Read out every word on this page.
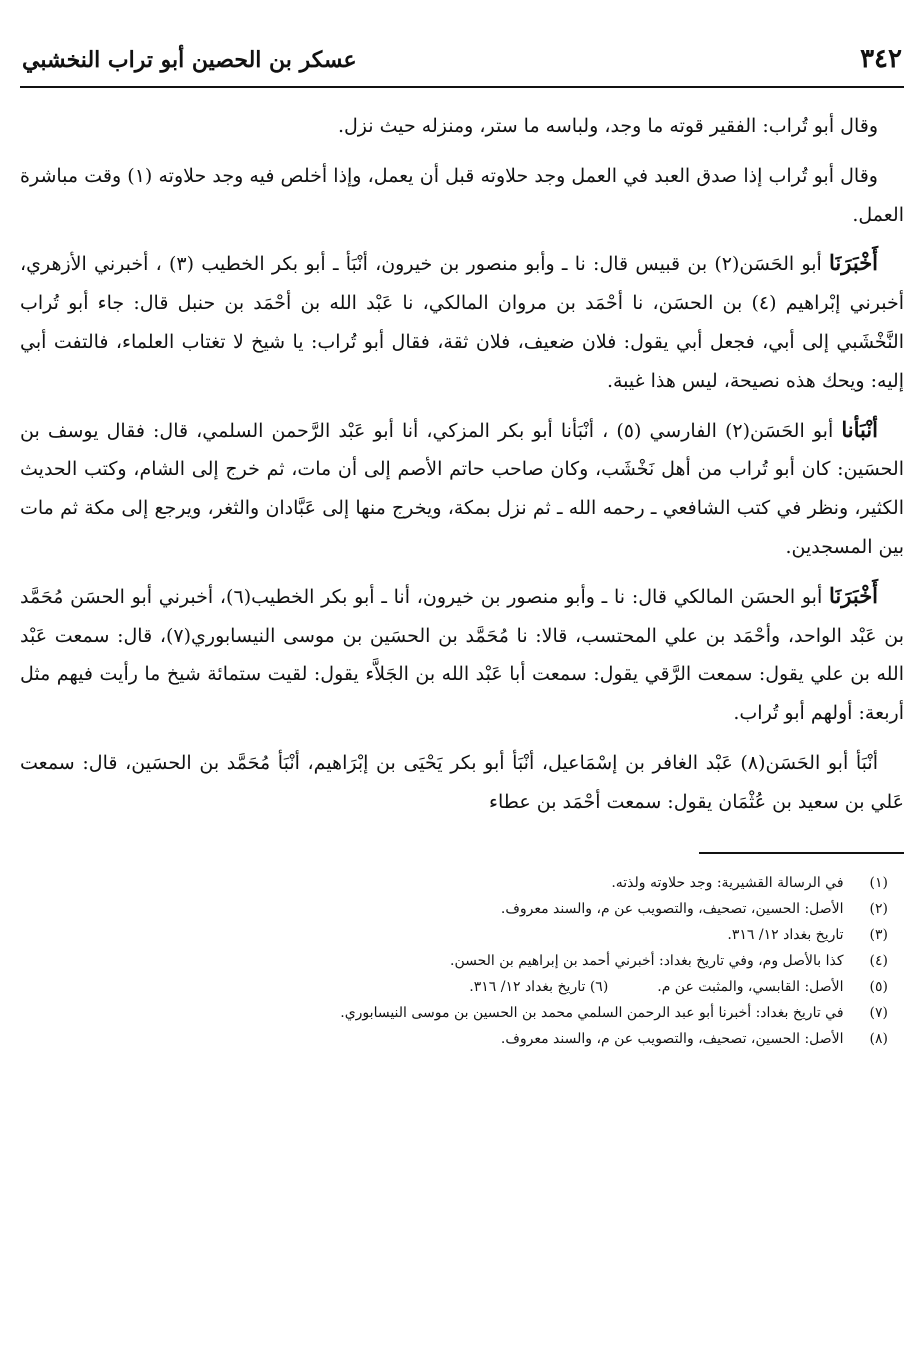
٣٤٢
عسكر بن الحصين أبو تراب النخشبي

وقال أبو تُراب: الفقير قوته ما وجد، ولباسه ما ستر، ومنزله حيث نزل.

وقال أبو تُراب إذا صدق العبد في العمل وجد حلاوته قبل أن يعمل، وإذا أخلص فيه وجد حلاوته (١) وقت مباشرة العمل.

أَخْبَرَنَا أبو الحَسَن(٢) بن قبيس قال: نا ـ وأبو منصور بن خيرون، أنْبَأ ـ أبو بكر الخطيب (٣) ، أخبرني الأزهري، أخبرني إبْراهيم (٤) بن الحسَن، نا أحْمَد بن مروان المالكي، نا عَبْد الله بن أحْمَد بن حنبل قال: جاء أبو تُراب النَّخْشَبي إلى أبي، فجعل أبي يقول: فلان ضعيف، فلان ثقة، فقال أبو تُراب: يا شيخ لا تغتاب العلماء، فالتفت أبي إليه: ويحك هذه نصيحة، ليس هذا غيبة.

أنْبَأنا أبو الحَسَن(٢) الفارسي (٥) ، أنْبَأنا أبو بكر المزكي، أنا أبو عَبْد الرَّحمن السلمي، قال: فقال يوسف بن الحسَين: كان أبو تُراب من أهل نَخْشَب، وكان صاحب حاتم الأصم إلى أن مات، ثم خرج إلى الشام، وكتب الحديث الكثير، ونظر في كتب الشافعي ـ رحمه الله ـ ثم نزل بمكة، ويخرج منها إلى عَبَّادان والثغر، ويرجع إلى مكة ثم مات بين المسجدين.

أَخْبَرَنَا أبو الحسَن المالكي قال: نا ـ وأبو منصور بن خيرون، أنا ـ أبو بكر الخطيب(٦)، أخبرني أبو الحسَن مُحَمَّد بن عَبْد الواحد، وأحْمَد بن علي المحتسب، قالا: نا مُحَمَّد بن الحسَين بن موسى النيسابوري(٧)، قال: سمعت عَبْد الله بن علي يقول: سمعت الرَّقي يقول: سمعت أبا عَبْد الله بن الجَلاَّء يقول: لقيت ستمائة شيخ ما رأيت فيهم مثل أربعة: أولهم أبو تُراب.

أنْبَأ أبو الحَسَن(٨) عَبْد الغافر بن إسْمَاعيل، أنْبَأ أبو بكر يَحْيَى بن إبْرَاهيم، أنْبَأ مُحَمَّد بن الحسَين، قال: سمعت عَلي بن سعيد بن عُثْمَان يقول: سمعت أحْمَد بن عطاء

(١) في الرسالة القشيرية: وجد حلاوته ولذته.
(٢) الأصل: الحسين، تصحيف، والتصويب عن م، والسند معروف.
(٣) تاريخ بغداد ١٢/ ٣١٦.
(٤) كذا بالأصل وم، وفي تاريخ بغداد: أخبرني أحمد بن إبراهيم بن الحسن.
(٥) الأصل: القابسي، والمثبت عن م.           (٦) تاريخ بغداد ١٢/ ٣١٦.
(٧) في تاريخ بغداد: أخبرنا أبو عبد الرحمن السلمي محمد بن الحسين بن موسى النيسابوري.
(٨) الأصل: الحسين، تصحيف، والتصويب عن م، والسند معروف.
